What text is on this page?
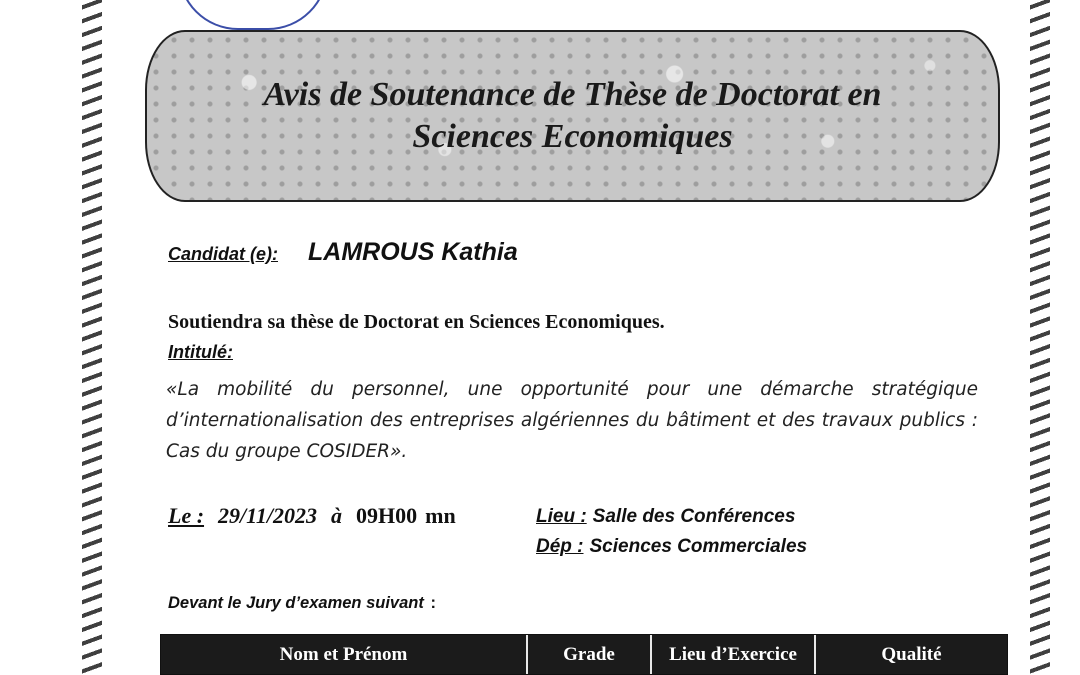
Avis de Soutenance de Thèse de Doctorat en
Sciences Economiques
Candidat (e): LAMROUS Kathia
Soutiendra sa thèse de Doctorat en Sciences Economiques.
Intitulé:
«La mobilité du personnel, une opportunité pour une démarche stratégique d’internationalisation des entreprises algériennes du bâtiment et des travaux publics : Cas du groupe COSIDER».
Le : 29/11/2023 à 09H00 mn	Lieu : Salle des Conférences
Dép : Sciences Commerciales
Devant le Jury d’examen suivant :
Nom et Prénom	Grade	Lieu d’Exercice	Qualité
